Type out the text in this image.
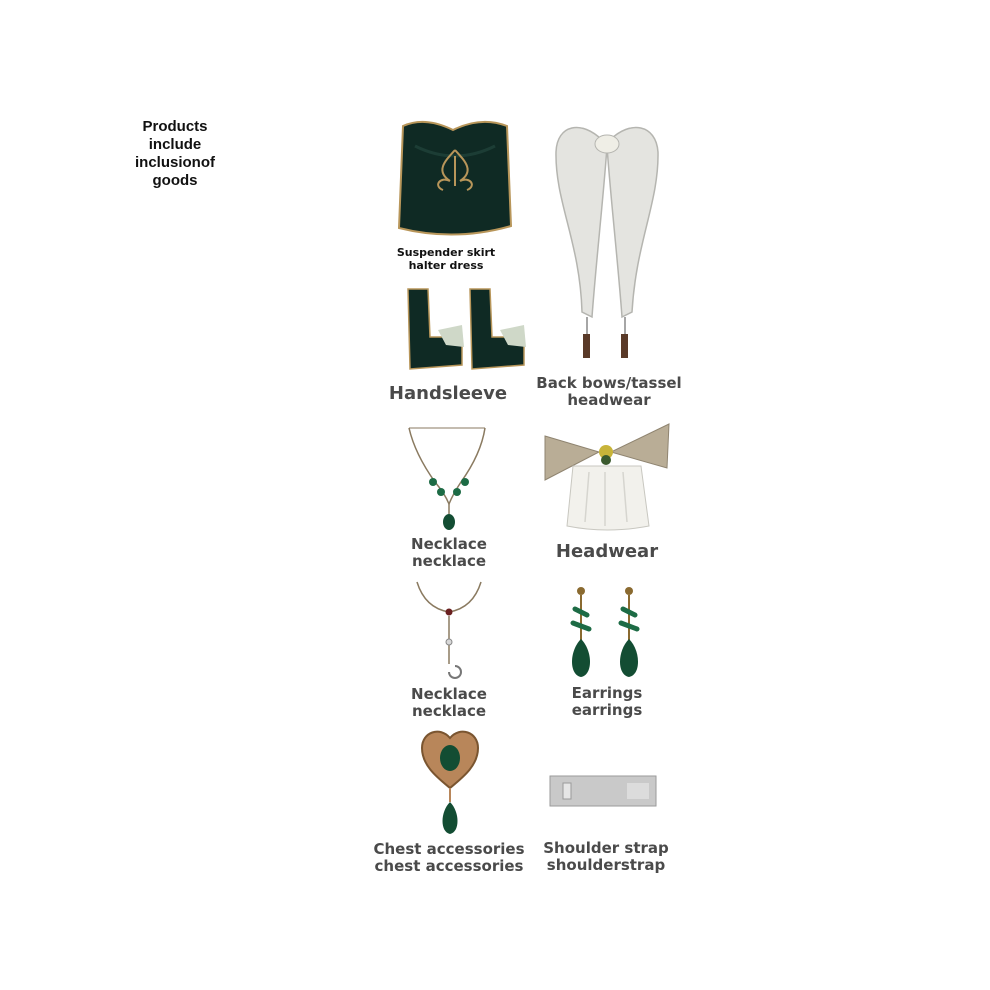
Products
include
inclusionof
goods
Suspender skirt
halter dress
Handsleeve Back bows/tassel
headwear
Necklace
necklace	Headwear
Necklace
necklace
Earrings
earrings
Chest accessories
chest accessories
Shoulder strap
shoulderstrap
